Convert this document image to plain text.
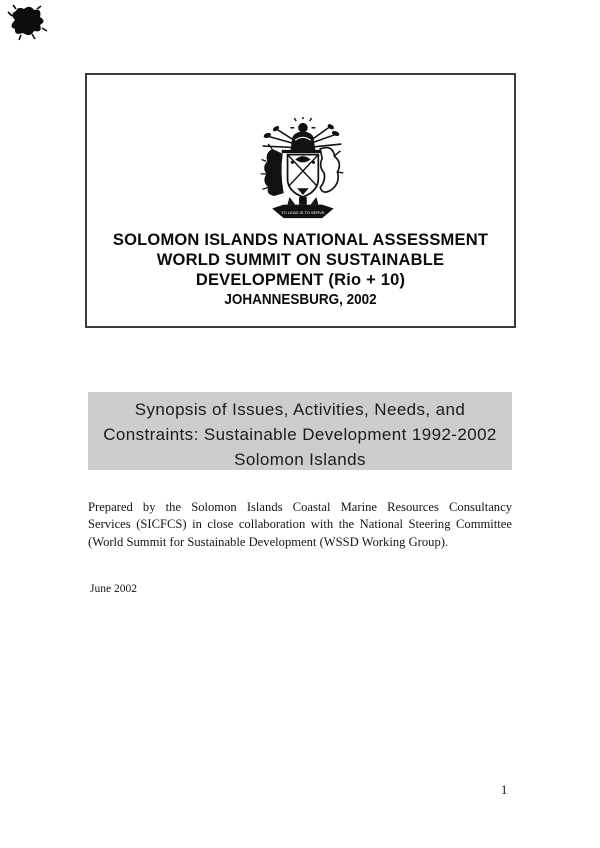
TO LEAD IS TO SERVE
SOLOMON ISLANDS NATIONAL ASSESSMENT
WORLD SUMMIT ON SUSTAINABLE
DEVELOPMENT (Rio + 10)
JOHANNESBURG, 2002
Synopsis of Issues, Activities, Needs, and
Constraints: Sustainable Development 1992-2002
Solomon Islands
Prepared by the Solomon Islands Coastal Marine Resources Consultancy
Services (SICFCS) in close collaboration with the National Steering Committee
(World Summit for Sustainable Development (WSSD Working Group).
June 2002
1
